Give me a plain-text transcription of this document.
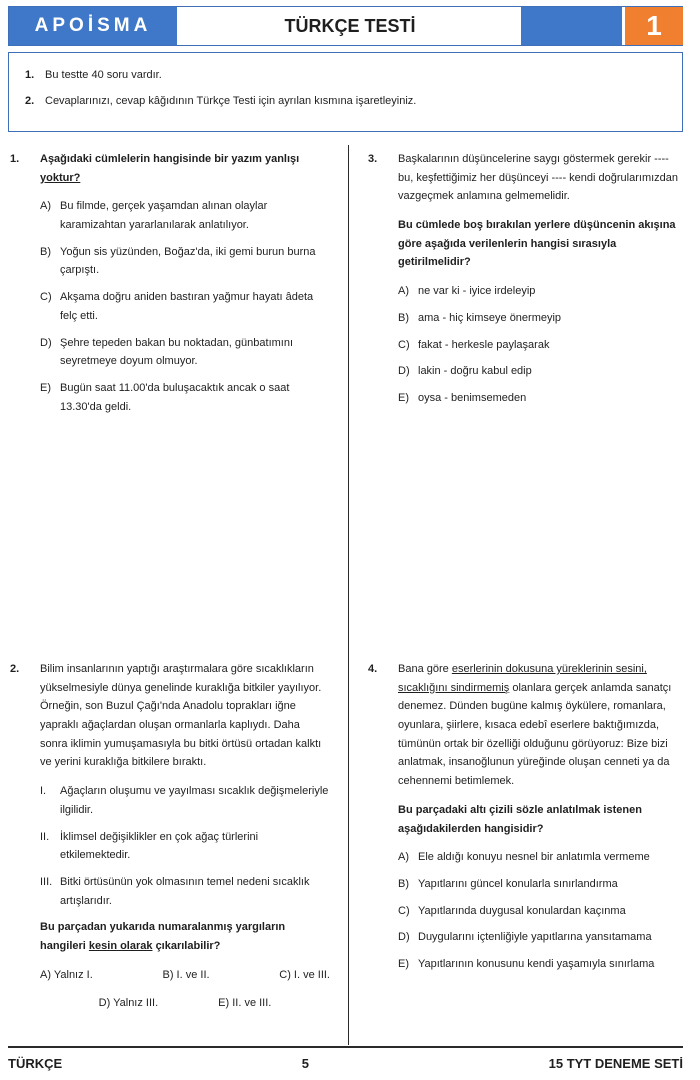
APOİSMA	TÜRKÇE TESTİ	1
1. Bu testte 40 soru vardır.
2. Cevaplarınızı, cevap kâğıdının Türkçe Testi için ayrılan kısmına işaretleyiniz.
1. Aşağıdaki cümlelerin hangisinde bir yazım yanlışı yoktur?
A) Bu filmde, gerçek yaşamdan alınan olaylar karamizahtan yararlanılarak anlatılıyor.
B) Yoğun sis yüzünden, Boğaz'da, iki gemi burun burna çarpıştı.
C) Akşama doğru aniden bastıran yağmur hayatı âdeta felç etti.
D) Şehre tepeden bakan bu noktadan, günbatımını seyretmeye doyum olmuyor.
E) Bugün saat 11.00'da buluşacaktık ancak o saat 13.30'da geldi.
2. Bilim insanlarının yaptığı araştırmalara göre sıcaklıkların yükselmesiyle dünya genelinde kuraklığa bitkiler yayılıyor. Örneğin, son Buzul Çağı'nda Anadolu toprakları iğne yapraklı ağaçlardan oluşan ormanlarla kaplıydı. Daha sonra iklimin yumuşamasıyla bu bitki örtüsü ortadan kalktı ve yerini kuraklığa bitkilere bıraktı.
I.	Ağaçların oluşumu ve yayılması sıcaklık değişmeleriyle ilgilidir.
II. İklimsel değişiklikler en çok ağaç türlerini etkilemektedir.
III. Bitki örtüsünün yok olmasının temel nedeni sıcaklık artışlarıdır.
Bu parçadan yukarıda numaralanmış yargıların hangileri kesin olarak çıkarılabilir?
A) Yalnız I.	B) I. ve II.	C) I. ve III.
D) Yalnız III.	E) II. ve III.
3. Başkalarının düşüncelerine saygı göstermek gerekir ---- bu, keşfettiğimiz her düşünceyi ---- kendi doğrularımızdan vazgeçmek anlamına gelmemelidir.
Bu cümlede boş bırakılan yerlere düşüncenin akışına göre aşağıda verilenlerin hangisi sırasıyla getirilmelidir?
A) ne var ki - iyice irdeleyip
B) ama - hiç kimseye önermeyip
C) fakat - herkesle paylaşarak
D) lakin - doğru kabul edip
E) oysa - benimsemeden
4. Bana göre eserlerinin dokusuna yüreklerinin sesini, sıcaklığını sindirmemiş olanlara gerçek anlamda sanatçı denemez. Dünden bugüne kalmış öykülere, romanlara, oyunlara, şiirlere, kısaca edebî eserlere baktığımızda, tümünün ortak bir özelliği olduğunu görüyoruz: Bize bizi anlatmak, insanoğlunun yüreğinde oluşan cenneti ya da cehennemi betimlemek.
Bu parçadaki altı çizili sözle anlatılmak istenen aşağıdakilerden hangisidir?
A) Ele aldığı konuyu nesnel bir anlatımla vermeme
B) Yapıtlarını güncel konularla sınırlandırma
C) Yapıtlarında duygusal konulardan kaçınma
D) Duygularını içtenliğiyle yapıtlarına yansıtamama
E) Yapıtlarının konusunu kendi yaşamıyla sınırlama
TÜRKÇE	5	15 TYT DENEME SETİ
